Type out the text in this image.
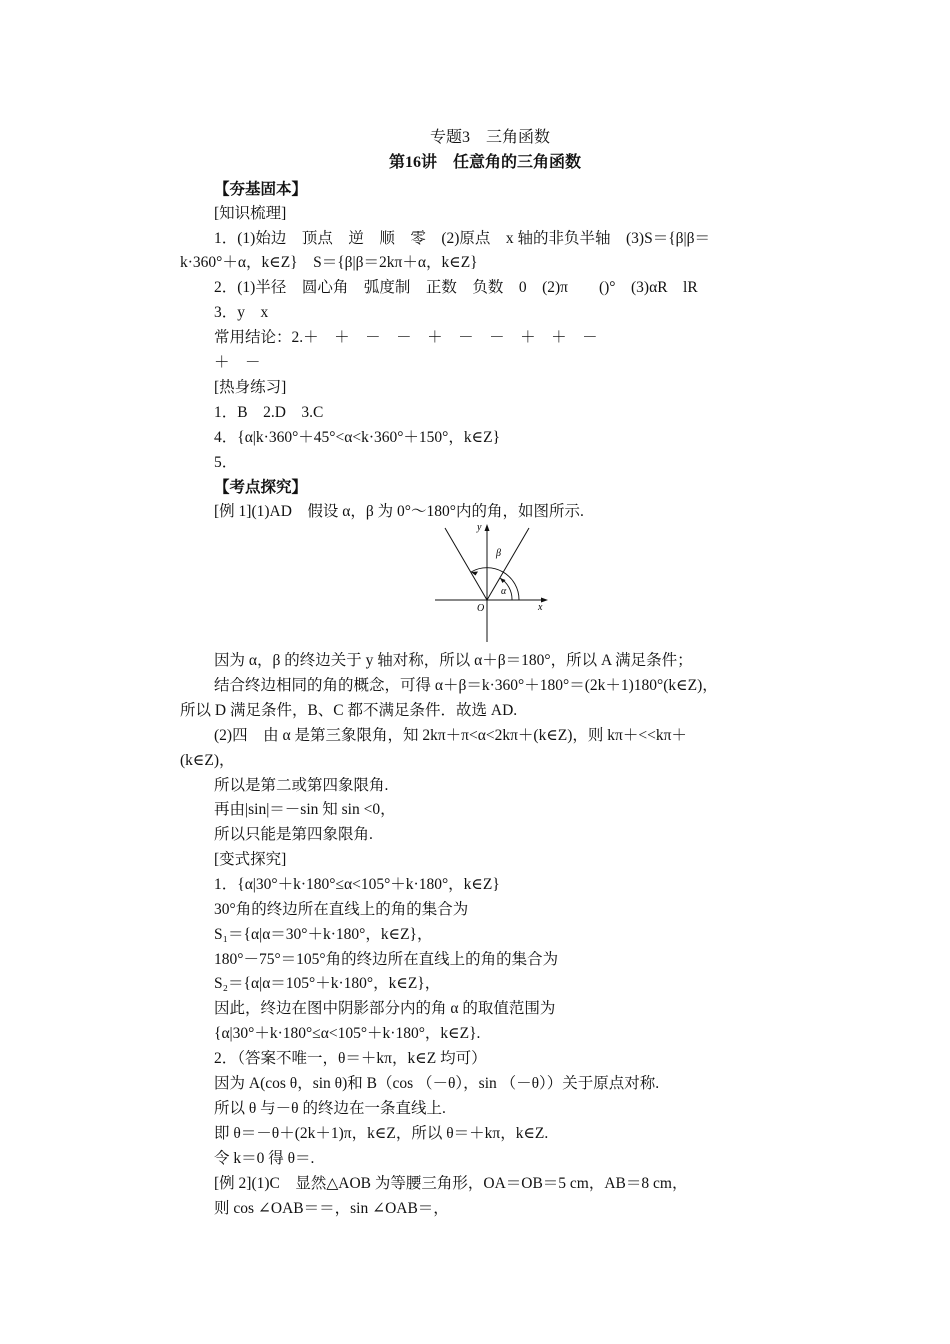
专题3　三角函数
第16讲　任意角的三角函数
【夯基固本】
[知识梳理]
1．(1)始边　顶点　逆　顺　零　(2)原点　x 轴的非负半轴　(3)S＝{β|β＝
k·360°＋α，k∈Z}　S＝{β|β＝2kπ＋α，k∈Z}
2．(1)半径　圆心角　弧度制　正数　负数　0　(2)π　　()°　(3)αR　lR
3．y　x
常用结论：2.＋　＋　－　－　＋　－　－　＋　＋　－
＋　－
[热身练习]
1．B　2.D　3.C
4．{α|k·360°＋45°<α<k·360°＋150°，k∈Z}
5．
【考点探究】
[例 1](1)AD　假设 α，β 为 0°～180°内的角，如图所示.
y
x
O
β
α
因为 α，β 的终边关于 y 轴对称，所以 α＋β＝180°，所以 A 满足条件；
结合终边相同的角的概念，可得 α＋β＝k·360°＋180°＝(2k＋1)180°(k∈Z)，
所以 D 满足条件，B、C 都不满足条件．故选 AD.
(2)四　由 α 是第三象限角，知 2kπ＋π<α<2kπ＋(k∈Z)，则 kπ＋<<kπ＋
(k∈Z)，
所以是第二或第四象限角.
再由|sin|＝－sin 知 sin <0，
所以只能是第四象限角.
[变式探究]
1．{α|30°＋k·180°≤α<105°＋k·180°，k∈Z}
30°角的终边所在直线上的角的集合为
S₁＝{α|α＝30°＋k·180°，k∈Z}，
180°－75°＝105°角的终边所在直线上的角的集合为
S₂＝{α|α＝105°＋k·180°，k∈Z}，
因此，终边在图中阴影部分内的角 α 的取值范围为
{α|30°＋k·180°≤α<105°＋k·180°，k∈Z}.
2．（答案不唯一，θ＝＋kπ，k∈Z 均可）
因为 A(cos θ，sin θ)和 B（cos （－θ），sin （－θ））关于原点对称.
所以 θ 与－θ 的终边在一条直线上.
即 θ＝－θ＋(2k＋1)π，k∈Z，所以 θ＝＋kπ，k∈Z.
令 k＝0 得 θ＝.
[例 2](1)C　显然△AOB 为等腰三角形，OA＝OB＝5 cm，AB＝8 cm，
则 cos ∠OAB＝＝，sin ∠OAB＝，
